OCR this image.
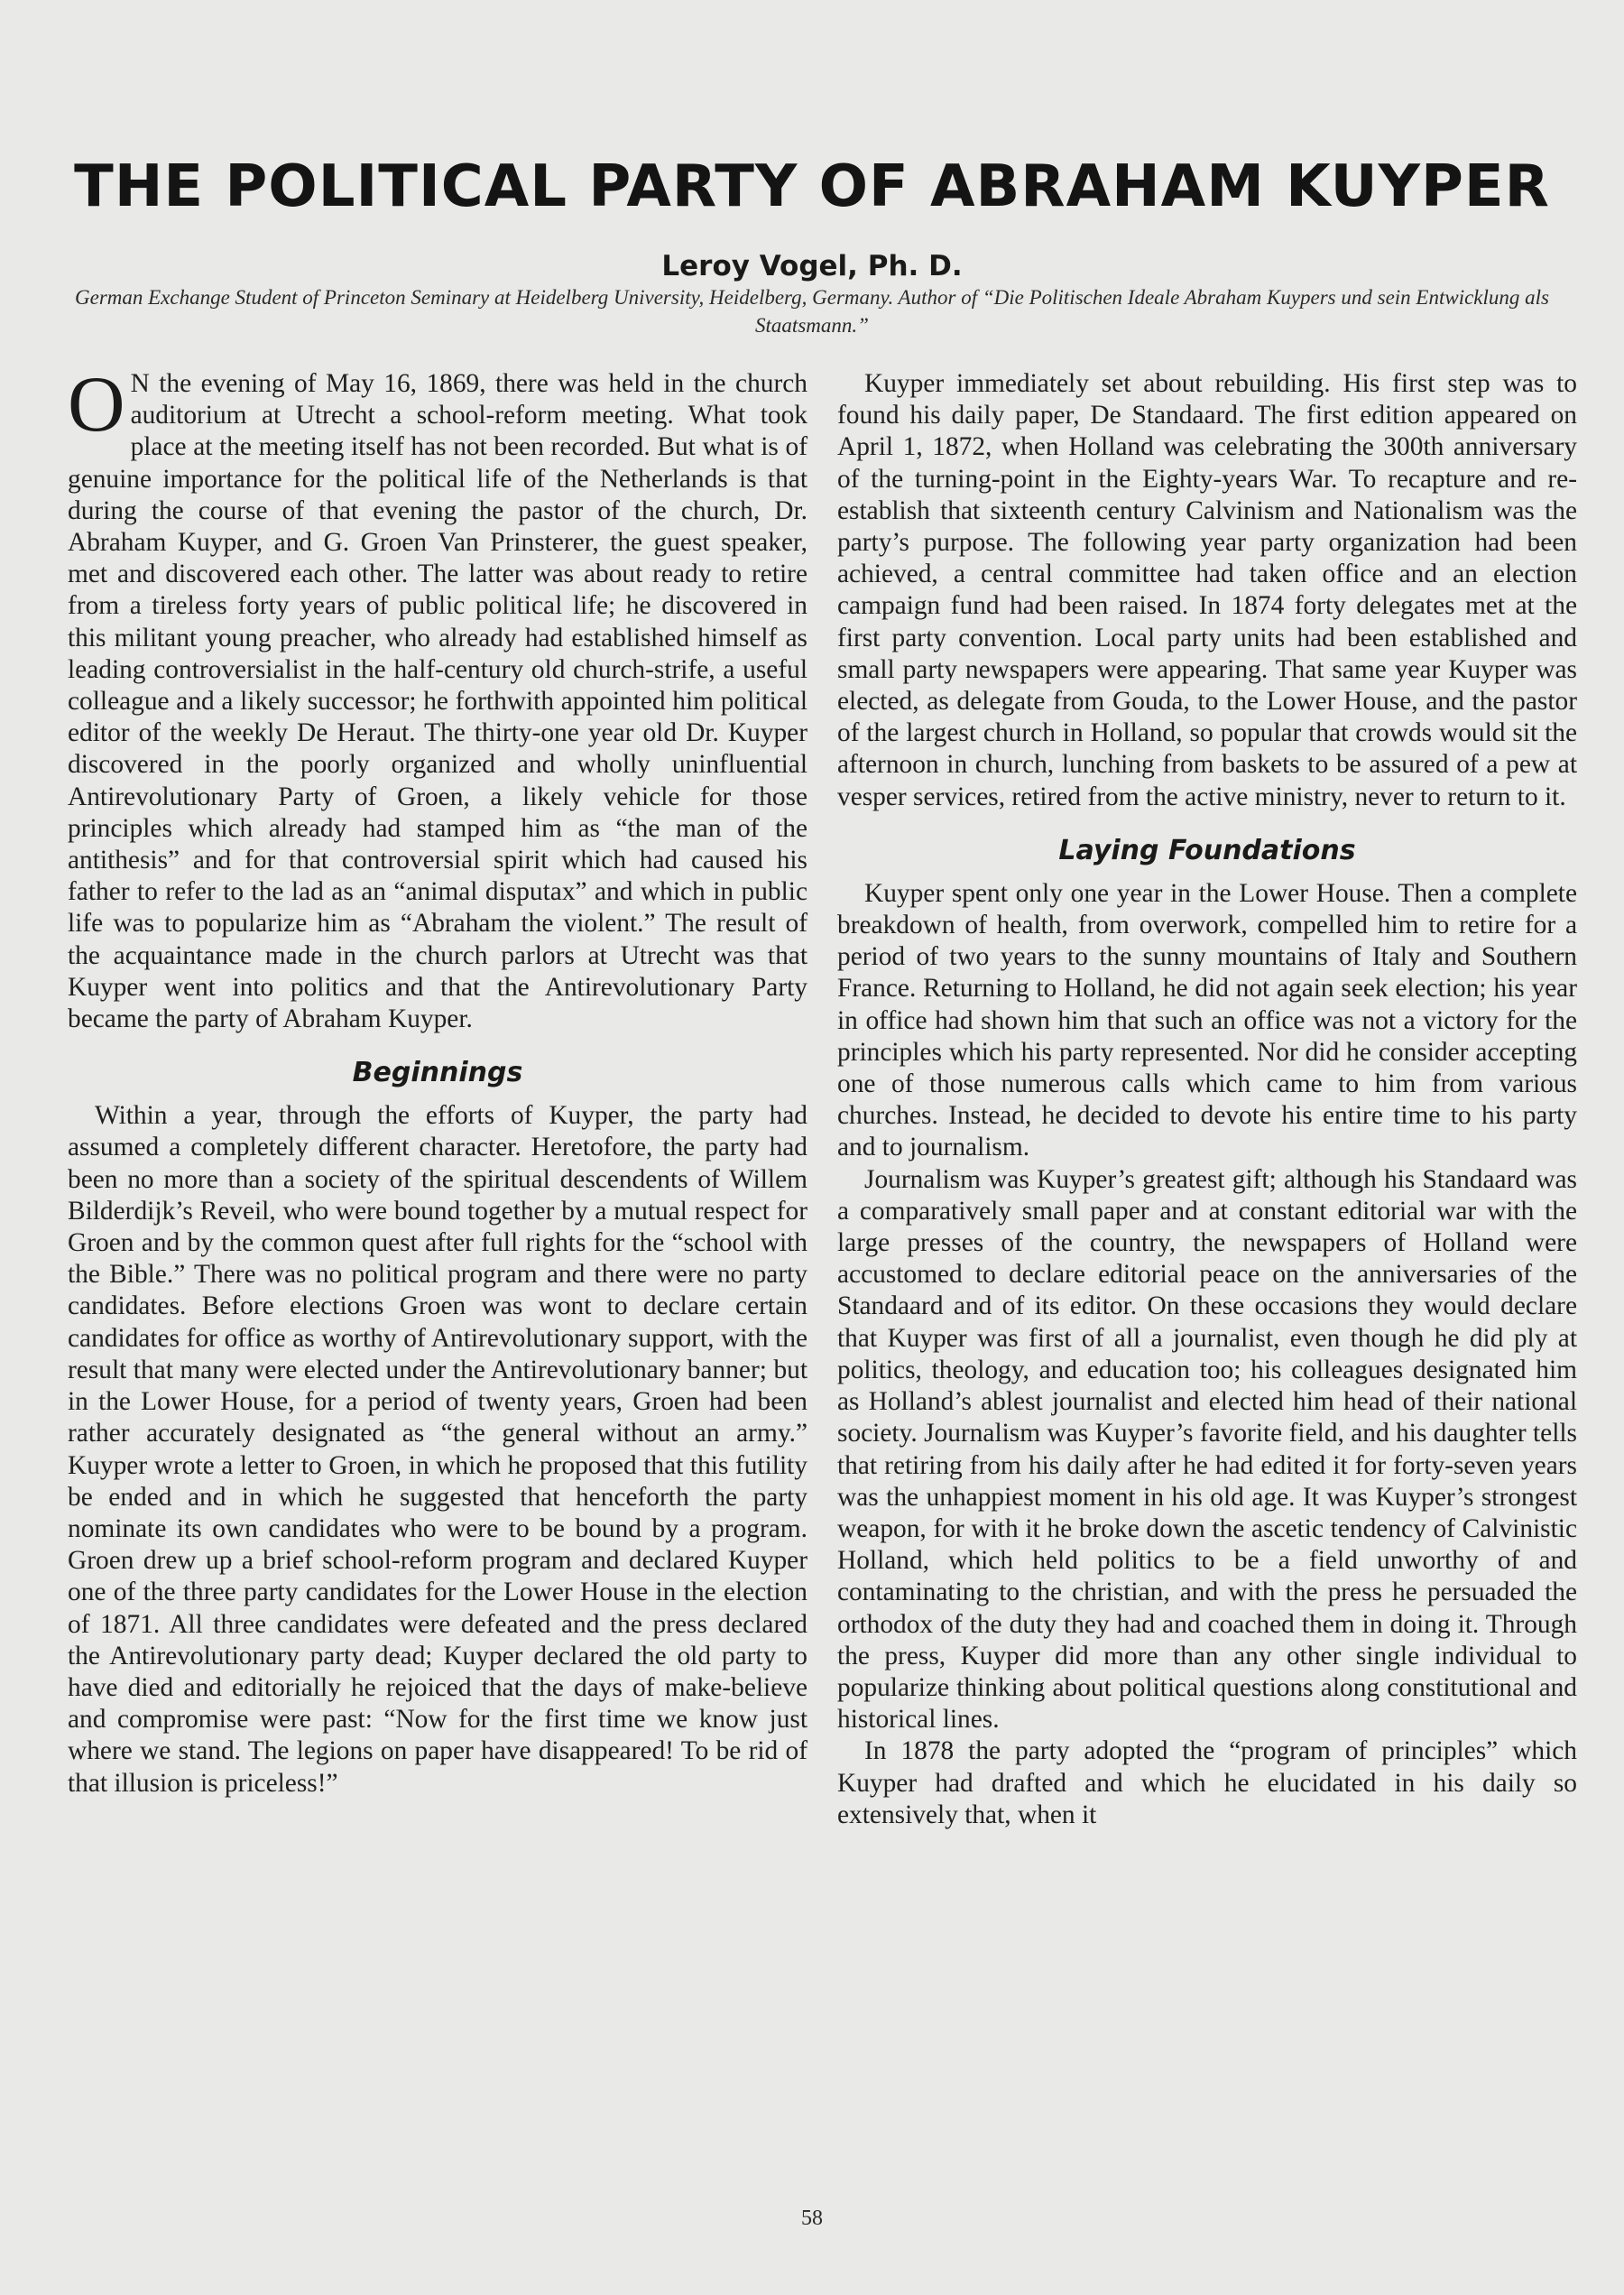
THE POLITICAL PARTY OF ABRAHAM KUYPER
Leroy Vogel, Ph. D.
German Exchange Student of Princeton Seminary at Heidelberg University, Heidelberg, Germany. Author of “Die Politischen Ideale Abraham Kuypers und sein Entwicklung als Staatsmann.”

O N the evening of May 16, 1869, there was held in the church auditorium at Utrecht a school-reform meeting. What took place at the meeting itself has not been recorded. But what is of genuine importance for the political life of the Netherlands is that during the course of that evening the pastor of the church, Dr. Abraham Kuyper, and G. Groen Van Prinsterer, the guest speaker, met and discovered each other. The latter was about ready to retire from a tireless forty years of public political life; he discovered in this militant young preacher, who already had established himself as leading controversialist in the half-century old church-strife, a useful colleague and a likely successor; he forthwith appointed him political editor of the weekly De Heraut. The thirty-one year old Dr. Kuyper discovered in the poorly organized and wholly uninfluential Antirevolutionary Party of Groen, a likely vehicle for those principles which already had stamped him as “the man of the antithesis” and for that controversial spirit which had caused his father to refer to the lad as an “animal disputax” and which in public life was to popularize him as “Abraham the violent.” The result of the acquaintance made in the church parlors at Utrecht was that Kuyper went into politics and that the Antirevolutionary Party became the party of Abraham Kuyper.

Beginnings

Within a year, through the efforts of Kuyper, the party had assumed a completely different character. Heretofore, the party had been no more than a society of the spiritual descendents of Willem Bilderdijk’s Reveil, who were bound together by a mutual respect for Groen and by the common quest after full rights for the “school with the Bible.” There was no political program and there were no party candidates. Before elections Groen was wont to declare certain candidates for office as worthy of Antirevolutionary support, with the result that many were elected under the Antirevolutionary banner; but in the Lower House, for a period of twenty years, Groen had been rather accurately designated as “the general without an army.” Kuyper wrote a letter to Groen, in which he proposed that this futility be ended and in which he suggested that henceforth the party nominate its own candidates who were to be bound by a program. Groen drew up a brief school-reform program and declared Kuyper one of the three party candidates for the Lower House in the election of 1871. All three candidates were defeated and the press declared the Antirevolutionary party dead; Kuyper declared the old party to have died and editorially he rejoiced that the days of make-believe and compromise were past: “Now for the first time we know just where we stand. The legions on paper have disappeared! To be rid of that illusion is priceless!”

Kuyper immediately set about rebuilding. His first step was to found his daily paper, De Standaard. The first edition appeared on April 1, 1872, when Holland was celebrating the 300th anniversary of the turning-point in the Eighty-years War. To recapture and re-establish that sixteenth century Calvinism and Nationalism was the party’s purpose. The following year party organization had been achieved, a central committee had taken office and an election campaign fund had been raised. In 1874 forty delegates met at the first party convention. Local party units had been established and small party newspapers were appearing. That same year Kuyper was elected, as delegate from Gouda, to the Lower House, and the pastor of the largest church in Holland, so popular that crowds would sit the afternoon in church, lunching from baskets to be assured of a pew at vesper services, retired from the active ministry, never to return to it.

Laying Foundations

Kuyper spent only one year in the Lower House. Then a complete breakdown of health, from overwork, compelled him to retire for a period of two years to the sunny mountains of Italy and Southern France. Returning to Holland, he did not again seek election; his year in office had shown him that such an office was not a victory for the principles which his party represented. Nor did he consider accepting one of those numerous calls which came to him from various churches. Instead, he decided to devote his entire time to his party and to journalism.

Journalism was Kuyper’s greatest gift; although his Standaard was a comparatively small paper and at constant editorial war with the large presses of the country, the newspapers of Holland were accustomed to declare editorial peace on the anniversaries of the Standaard and of its editor. On these occasions they would declare that Kuyper was first of all a journalist, even though he did ply at politics, theology, and education too; his colleagues designated him as Holland’s ablest journalist and elected him head of their national society. Journalism was Kuyper’s favorite field, and his daughter tells that retiring from his daily after he had edited it for forty-seven years was the unhappiest moment in his old age. It was Kuyper’s strongest weapon, for with it he broke down the ascetic tendency of Calvinistic Holland, which held politics to be a field unworthy of and contaminating to the christian, and with the press he persuaded the orthodox of the duty they had and coached them in doing it. Through the press, Kuyper did more than any other single individual to popularize thinking about political questions along constitutional and historical lines.

In 1878 the party adopted the “program of principles” which Kuyper had drafted and which he elucidated in his daily so extensively that, when it

58
